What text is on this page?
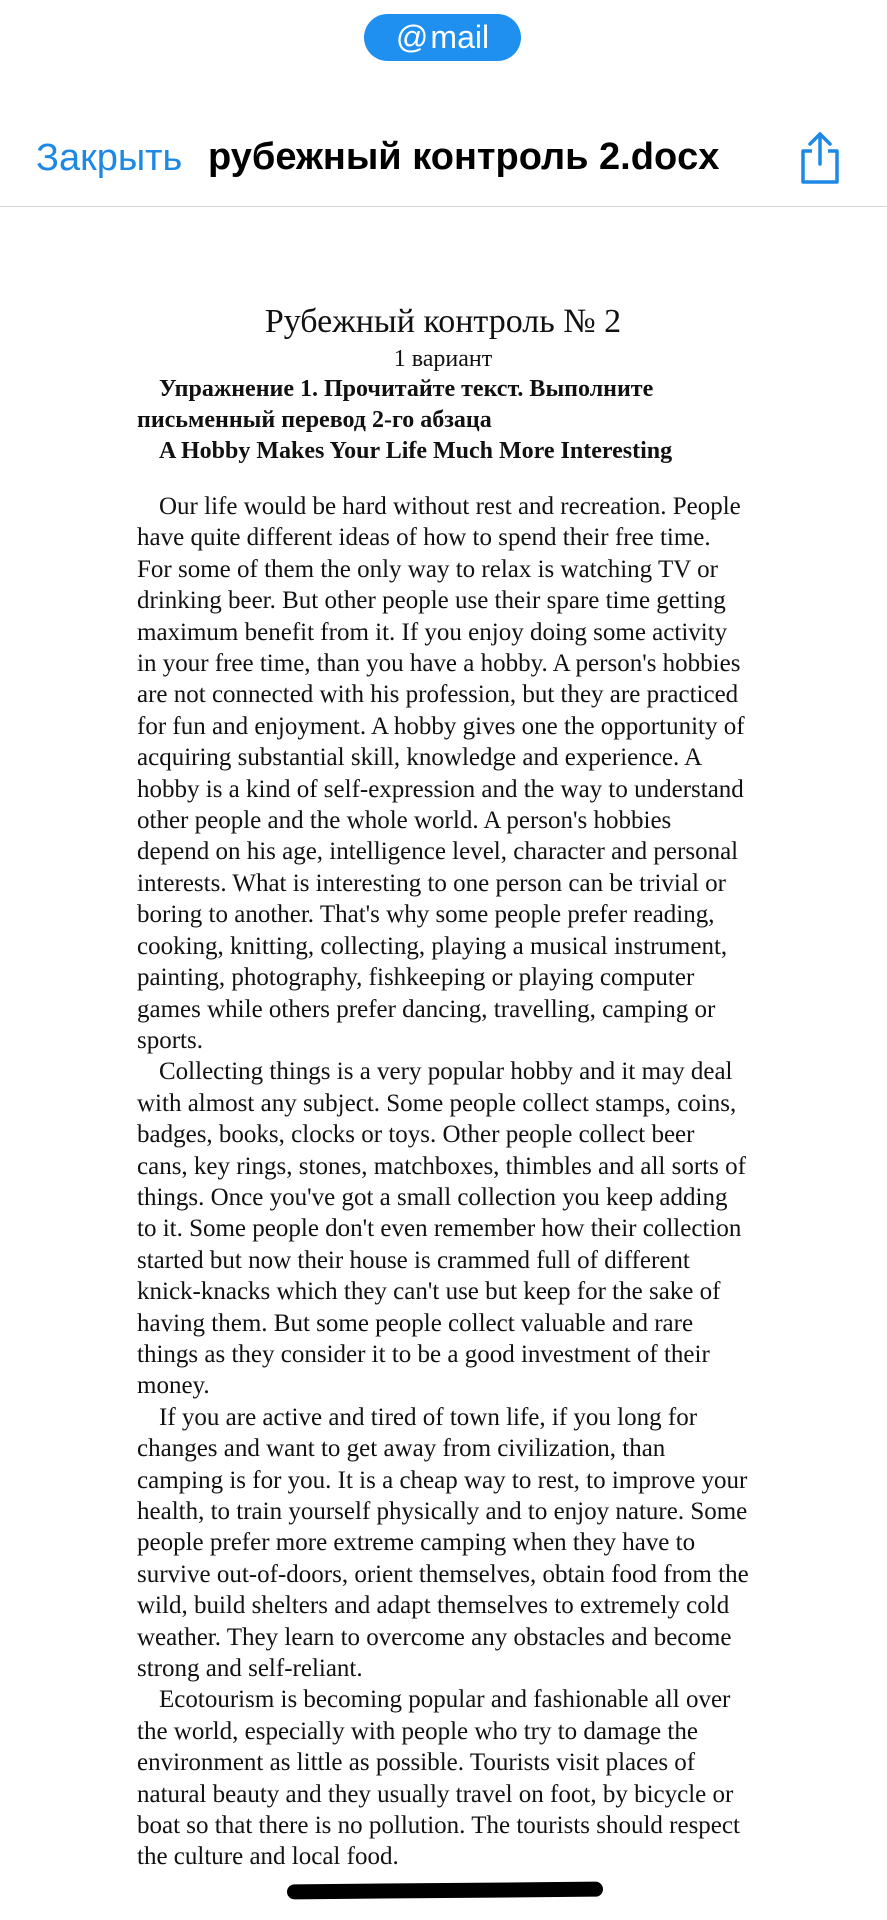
@ mail
Закрыть рубежный контроль 2.docx

Рубежный контроль № 2

1 вариант

Упражнение 1. Прочитайте текст. Выполните письменный перевод 2-го абзаца

A Hobby Makes Your Life Much More Interesting

Our life would be hard without rest and recreation. People have quite different ideas of how to spend their free time. For some of them the only way to relax is watching TV or drinking beer. But other people use their spare time getting maximum benefit from it. If you enjoy doing some activity in your free time, than you have a hobby. A person's hobbies are not connected with his profession, but they are practiced for fun and enjoyment. A hobby gives one the opportunity of acquiring substantial skill, knowledge and experience. A hobby is a kind of self-expression and the way to understand other people and the whole world. A person's hobbies depend on his age, intelligence level, character and personal interests. What is interesting to one person can be trivial or boring to another. That's why some people prefer reading, cooking, knitting, collecting, playing a musical instrument, painting, photography, fishkeeping or playing computer games while others prefer dancing, travelling, camping or sports.

Collecting things is a very popular hobby and it may deal with almost any subject. Some people collect stamps, coins, badges, books, clocks or toys. Other people collect beer cans, key rings, stones, matchboxes, thimbles and all sorts of things. Once you've got a small collection you keep adding to it. Some people don't even remember how their collection started but now their house is crammed full of different knick-knacks which they can't use but keep for the sake of having them. But some people collect valuable and rare things as they consider it to be a good investment of their money.

If you are active and tired of town life, if you long for changes and want to get away from civilization, than camping is for you. It is a cheap way to rest, to improve your health, to train yourself physically and to enjoy nature. Some people prefer more extreme camping when they have to survive out-of-doors, orient themselves, obtain food from the wild, build shelters and adapt themselves to extremely cold weather. They learn to overcome any obstacles and become strong and self-reliant.

Ecotourism is becoming popular and fashionable all over the world, especially with people who try to damage the environment as little as possible. Tourists visit places of natural beauty and they usually travel on foot, by bicycle or boat so that there is no pollution. The tourists should respect the culture and local food.
